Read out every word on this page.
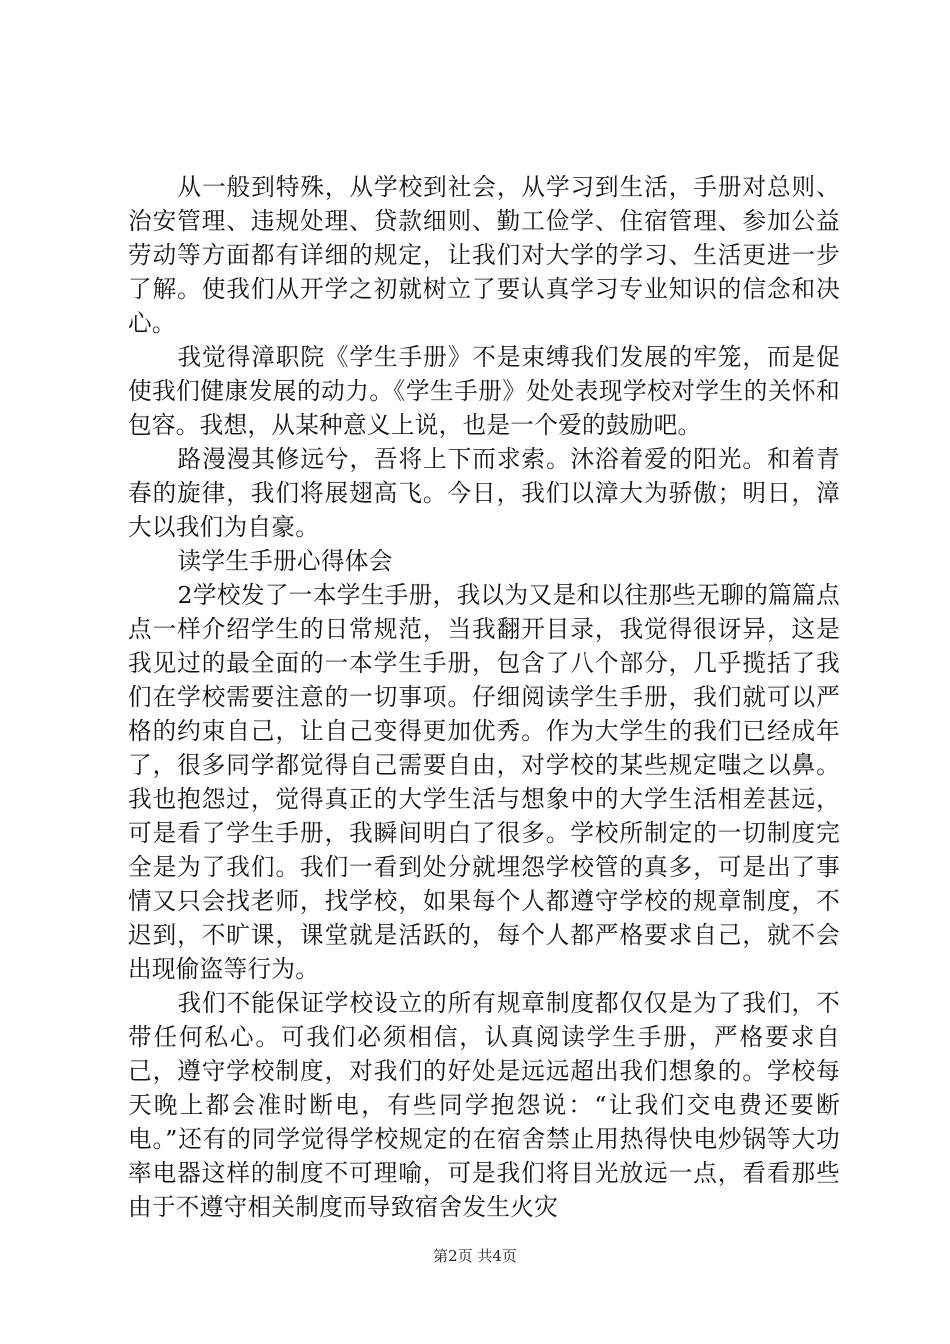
从一般到特殊，从学校到社会，从学习到生活，手册对总则、治安管理、违规处理、贷款细则、勤工俭学、住宿管理、参加公益劳动等方面都有详细的规定，让我们对大学的学习、生活更进一步了解。使我们从开学之初就树立了要认真学习专业知识的信念和决心。

我觉得漳职院《学生手册》不是束缚我们发展的牢笼，而是促使我们健康发展的动力。《学生手册》处处表现学校对学生的关怀和包容。我想，从某种意义上说，也是一个爱的鼓励吧。

路漫漫其修远兮，吾将上下而求索。沐浴着爱的阳光。和着青春的旋律，我们将展翅高飞。今日，我们以漳大为骄傲；明日，漳大以我们为自豪。

读学生手册心得体会

2学校发了一本学生手册，我以为又是和以往那些无聊的篇篇点点一样介绍学生的日常规范，当我翻开目录，我觉得很讶异，这是我见过的最全面的一本学生手册，包含了八个部分，几乎揽括了我们在学校需要注意的一切事项。仔细阅读学生手册，我们就可以严格的约束自己，让自己变得更加优秀。作为大学生的我们已经成年了，很多同学都觉得自己需要自由，对学校的某些规定嗤之以鼻。我也抱怨过，觉得真正的大学生活与想象中的大学生活相差甚远，可是看了学生手册，我瞬间明白了很多。学校所制定的一切制度完全是为了我们。我们一看到处分就埋怨学校管的真多，可是出了事情又只会找老师，找学校，如果每个人都遵守学校的规章制度，不迟到，不旷课，课堂就是活跃的，每个人都严格要求自己，就不会出现偷盗等行为。

我们不能保证学校设立的所有规章制度都仅仅是为了我们，不带任何私心。可我们必须相信，认真阅读学生手册，严格要求自己，遵守学校制度，对我们的好处是远远超出我们想象的。学校每天晚上都会准时断电，有些同学抱怨说：“让我们交电费还要断电。”还有的同学觉得学校规定的在宿舍禁止用热得快电炒锅等大功率电器这样的制度不可理喻，可是我们将目光放远一点，看看那些由于不遵守相关制度而导致宿舍发生火灾

第2页 共4页
